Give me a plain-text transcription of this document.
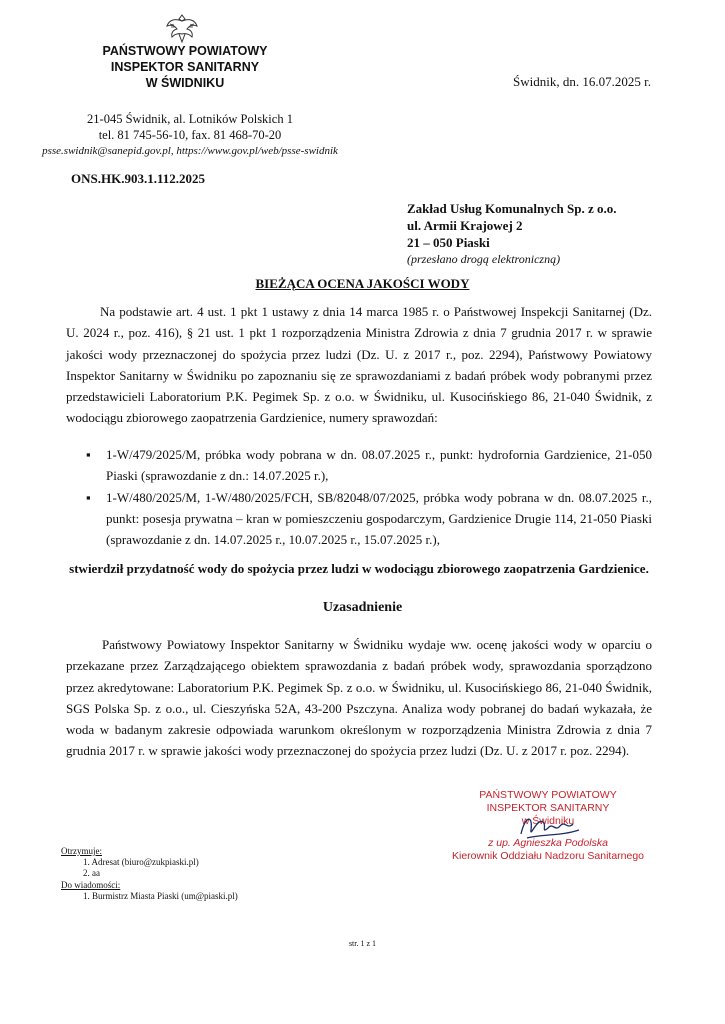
PAŃSTWOWY POWIATOWY
INSPEKTOR SANITARNY
W ŚWIDNIKU
21-045 Świdnik, al. Lotników Polskich 1
tel. 81 745-56-10, fax. 81 468-70-20
psse.swidnik@sanepid.gov.pl, https://www.gov.pl/web/psse-swidnik
Świdnik, dn. 16.07.2025 r.
ONS.HK.903.1.112.2025
Zakład Usług Komunalnych Sp. z o.o.
ul. Armii Krajowej 2
21 – 050 Piaski
(przesłano drogą elektroniczną)
BIEŻĄCA OCENA JAKOŚCI WODY
Na podstawie art. 4 ust. 1 pkt 1 ustawy z dnia 14 marca 1985 r. o Państwowej Inspekcji Sanitarnej (Dz. U. 2024 r., poz. 416), § 21 ust. 1 pkt 1 rozporządzenia Ministra Zdrowia z dnia 7 grudnia 2017 r. w sprawie jakości wody przeznaczonej do spożycia przez ludzi (Dz. U. z 2017 r., poz. 2294), Państwowy Powiatowy Inspektor Sanitarny w Świdniku po zapoznaniu się ze sprawozdaniami z badań próbek wody pobranymi przez przedstawicieli Laboratorium P.K. Pegimek Sp. z o.o. w Świdniku, ul. Kusocińskiego 86, 21-040 Świdnik, z wodociągu zbiorowego zaopatrzenia Gardzienice, numery sprawozdań:
▪ 1-W/479/2025/M, próbka wody pobrana w dn. 08.07.2025 r., punkt: hydrofornia Gardzienice, 21-050 Piaski (sprawozdanie z dn.: 14.07.2025 r.),
▪ 1-W/480/2025/M, 1-W/480/2025/FCH, SB/82048/07/2025, próbka wody pobrana w dn. 08.07.2025 r., punkt: posesja prywatna – kran w pomieszczeniu gospodarczym, Gardzienice Drugie 114, 21-050 Piaski (sprawozdanie z dn. 14.07.2025 r., 10.07.2025 r., 15.07.2025 r.),
stwierdził przydatność wody do spożycia przez ludzi w wodociągu zbiorowego zaopatrzenia Gardzienice.
Uzasadnienie
Państwowy Powiatowy Inspektor Sanitarny w Świdniku wydaje ww. ocenę jakości wody w oparciu o przekazane przez Zarządzającego obiektem sprawozdania z badań próbek wody, sprawozdania sporządzono przez akredytowane: Laboratorium P.K. Pegimek Sp. z o.o. w Świdniku, ul. Kusocińskiego 86, 21-040 Świdnik, SGS Polska Sp. z o.o., ul. Cieszyńska 52A, 43-200 Pszczyna. Analiza wody pobranej do badań wykazała, że woda w badanym zakresie odpowiada warunkom określonym w rozporządzenia Ministra Zdrowia z dnia 7 grudnia 2017 r. w sprawie jakości wody przeznaczonej do spożycia przez ludzi (Dz. U. z 2017 r. poz. 2294).
PAŃSTWOWY POWIATOWY
INSPEKTOR SANITARNY
w Świdniku
z up. Agnieszka Podolska
Kierownik Oddziału Nadzoru Sanitarnego
Otrzymuje:
1. Adresat (biuro@zukpiaski.pl)
2. aa
Do wiadomości:
1. Burmistrz Miasta Piaski (um@piaski.pl)
str. 1 z 1
